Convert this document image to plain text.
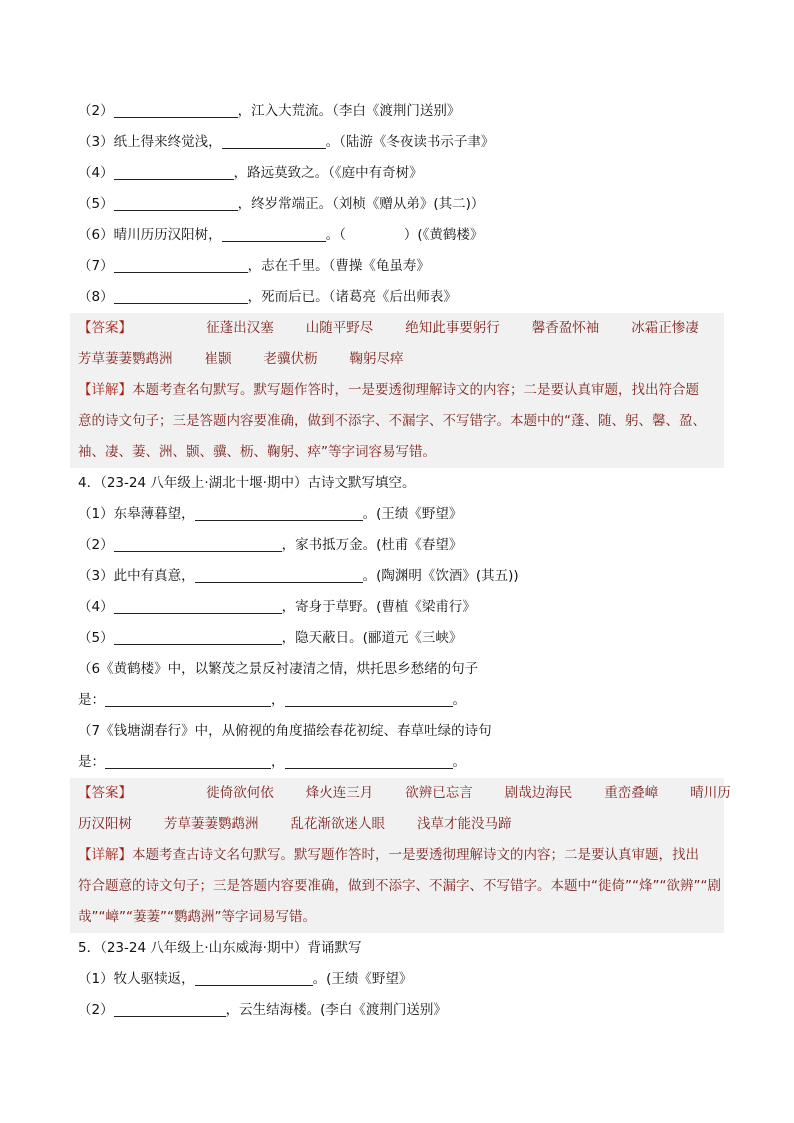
（2）	，江入大荒流。（李白《渡荆门送别》
（3）纸上得来终觉浅，	。（陆游《冬夜读书示子聿》
（4）	，路远莫致之。（《庭中有奇树》
（5）	，终岁常端正。（刘桢《赠从弟》(其二)）
（6）晴川历历汉阳树，	。（	）(《黄鹤楼》
（7）	，志在千里。（曹操《龟虽寿》
（8）	，死而后已。（诸葛亮《后出师表》
【答案】	征蓬出汉塞 山随平野尽 绝知此事要躬行 馨香盈怀袖 冰霜正惨凄
芳草萋萋鹦鹉洲 崔颢 老骥伏枥 鞠躬尽瘁
【详解】本题考查名句默写。默写题作答时，一是要透彻理解诗文的内容；二是要认真审题，找出符合题
意的诗文句子；三是答题内容要准确，做到不添字、不漏字、不写错字。本题中的“蓬、随、躬、馨、盈、
袖、凄、萋、洲、颢、骥、枥、鞠躬、瘁”等字词容易写错。
4．（23-24 八年级上·湖北十堰·期中）古诗文默写填空。
（1）东皋薄暮望，	。(王绩《野望》
（2）	，家书抵万金。(杜甫《春望》
（3）此中有真意，	。(陶渊明《饮酒》(其五))
（4）	，寄身于草野。(曹植《梁甫行》
（5）	，隐天蔽日。(郦道元《三峡》
（6《黄鹤楼》中，以繁茂之景反衬凄清之情，烘托思乡愁绪的句子
是：	，	。
（7《钱塘湖春行》中，从俯视的角度描绘春花初绽、春草吐绿的诗句
是：	，	。
【答案】	徙倚欲何依 烽火连三月 欲辨已忘言 剧哉边海民 重峦叠嶂 晴川历
历汉阳树 芳草萋萋鹦鹉洲 乱花渐欲迷人眼 浅草才能没马蹄
【详解】本题考查古诗文名句默写。默写题作答时，一是要透彻理解诗文的内容；二是要认真审题，找出
符合题意的诗文句子；三是答题内容要准确，做到不添字、不漏字、不写错字。本题中“徙倚”“烽”“欲辨”“剧
哉”“嶂”“萋萋”“鹦鹉洲”等字词易写错。
5．（23-24 八年级上·山东威海·期中）背诵默写
（1）牧人驱犊返，	。(王绩《野望》
（2）	，云生结海楼。(李白《渡荆门送别》
